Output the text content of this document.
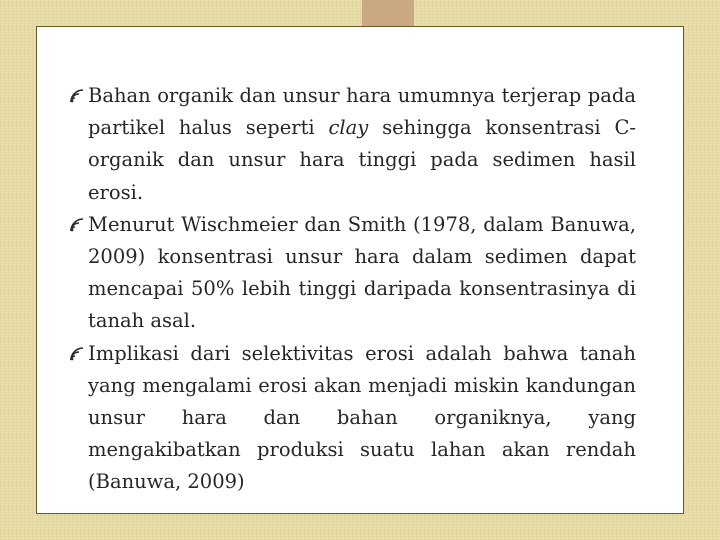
Bahan organik dan unsur hara umumnya terjerap pada partikel halus seperti clay sehingga konsentrasi C-organik dan unsur hara tinggi pada sedimen hasil erosi.
Menurut Wischmeier dan Smith (1978, dalam Banuwa, 2009) konsentrasi unsur hara dalam sedimen dapat mencapai 50% lebih tinggi daripada konsentrasinya di tanah asal.
Implikasi dari selektivitas erosi adalah bahwa tanah yang mengalami erosi akan menjadi miskin kandungan unsur hara dan bahan organiknya, yang mengakibatkan produksi suatu lahan akan rendah (Banuwa, 2009)
